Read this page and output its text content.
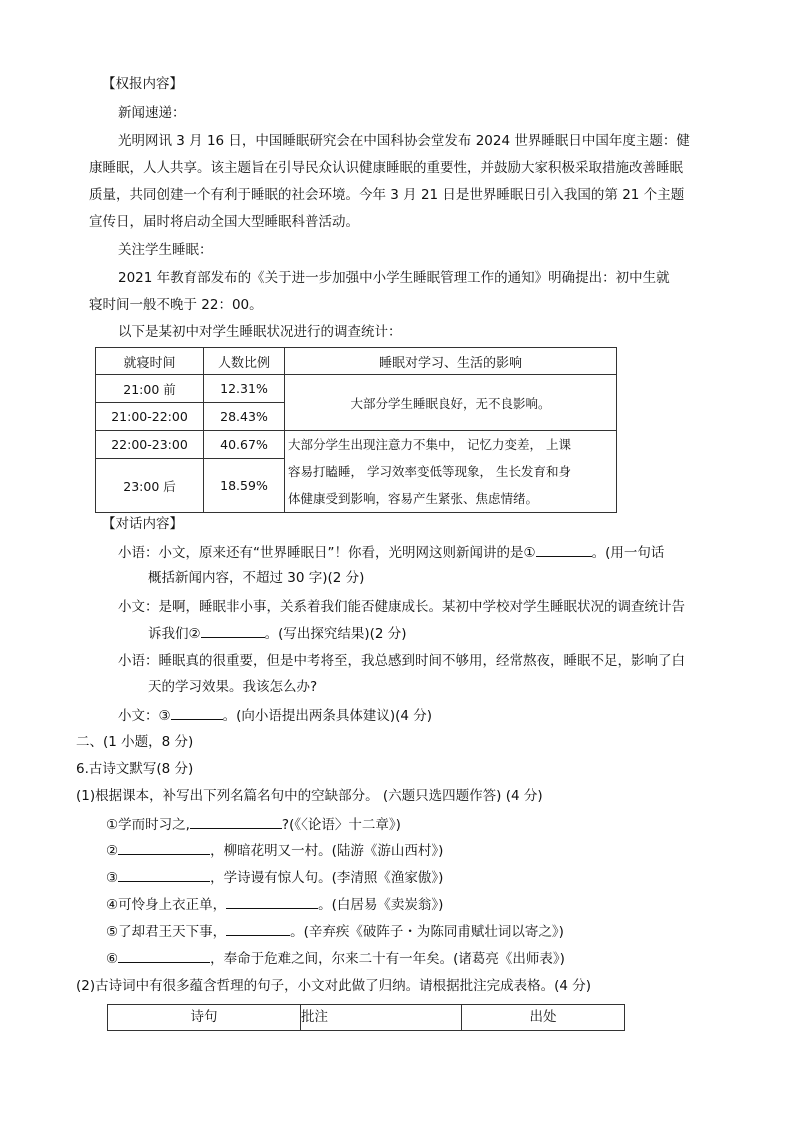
【权报内容】
新闻速递：
光明网讯 3 月 16 日，中国睡眠研究会在中国科协会堂发布 2024 世界睡眠日中国年度主题：健
康睡眠，人人共享。该主题旨在引导民众认识健康睡眠的重要性，并鼓励大家积极采取措施改善睡眠
质量，共同创建一个有利于睡眠的社会环境。今年 3 月 21 日是世界睡眠日引入我国的第 21 个主题
宣传日，届时将启动全国大型睡眠科普活动。
关注学生睡眠：
2021 年教育部发布的《关于进一步加强中小学生睡眠管理工作的通知》明确提出：初中生就
寝时间一般不晚于 22：00。
以下是某初中对学生睡眠状况进行的调查统计：
就寝时间	人数比例	睡眠对学习、生活的影响
21:00 前	12.31%	大部分学生睡眠良好，无不良影响。
21:00-22:00	28.43%	
22:00-23:00	40.67%	大部分学生出现注意力不集中， 记忆力变差， 上课
容易打瞌睡， 学习效率变低等现象， 生长发育和身
体健康受到影响，容易产生紧张、焦虑情绪。

23:00 后	18.59%	
【对话内容】
小语：小文，原来还有“世界睡眠日”！你看，光明网这则新闻讲的是①	。(用一句话
概括新闻内容，不超过 30 字)(2 分)
小文：是啊，睡眠非小事，关系着我们能否健康成长。某初中学校对学生睡眠状况的调查统计告
诉我们②	。(写出探究结果)(2 分)
小语：睡眠真的很重要，但是中考将至，我总感到时间不够用，经常熬夜，睡眠不足，影响了白
天的学习效果。我该怎么办?
小文：③	。(向小语提出两条具体建议)(4 分)
二、(1 小题，8 分)
6.古诗文默写(8 分)
(1)根据课本，补写出下列名篇名句中的空缺部分。 (六题只选四题作答) (4 分)
①学而时习之,	?(《〈论语〉十二章》)
②	，柳暗花明又一村。(陆游《游山西村》)
③	，学诗谩有惊人句。(李清照《渔家傲》)
④可怜身上衣正单，	。(白居易《卖炭翁》)
⑤了却君王天下事，	。(辛弃疾《破阵子・为陈同甫赋壮词以寄之》)
⑥	，奉命于危难之间，尔来二十有一年矣。(诸葛亮《出师表》)
(2)古诗词中有很多蕴含哲理的句子，小文对此做了归纳。请根据批注完成表格。(4 分)
诗句	批注	出处
